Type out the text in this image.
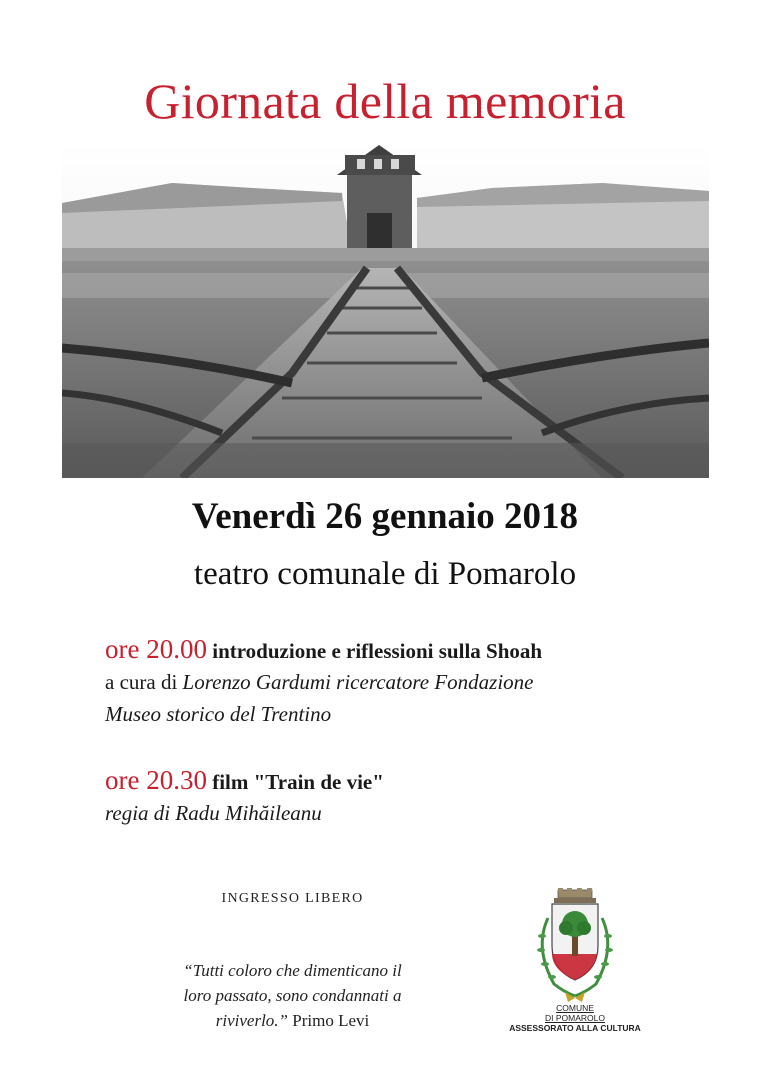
Giornata della memoria

Venerdì 26 gennaio 2018

teatro comunale di Pomarolo

ore 20.00 introduzione e riflessioni sulla Shoah
a cura di Lorenzo Gardumi ricercatore Fondazione
Museo storico del Trentino
ore 20.30 film "Train de vie"
regia di Radu Mihăileanu
INGRESSO LIBERO
“Tutti coloro che dimenticano il
loro passato, sono condannati a
riviverlo.” Primo Levi
COMUNE
DI POMAROLO
ASSESSORATO ALLA CULTURA
